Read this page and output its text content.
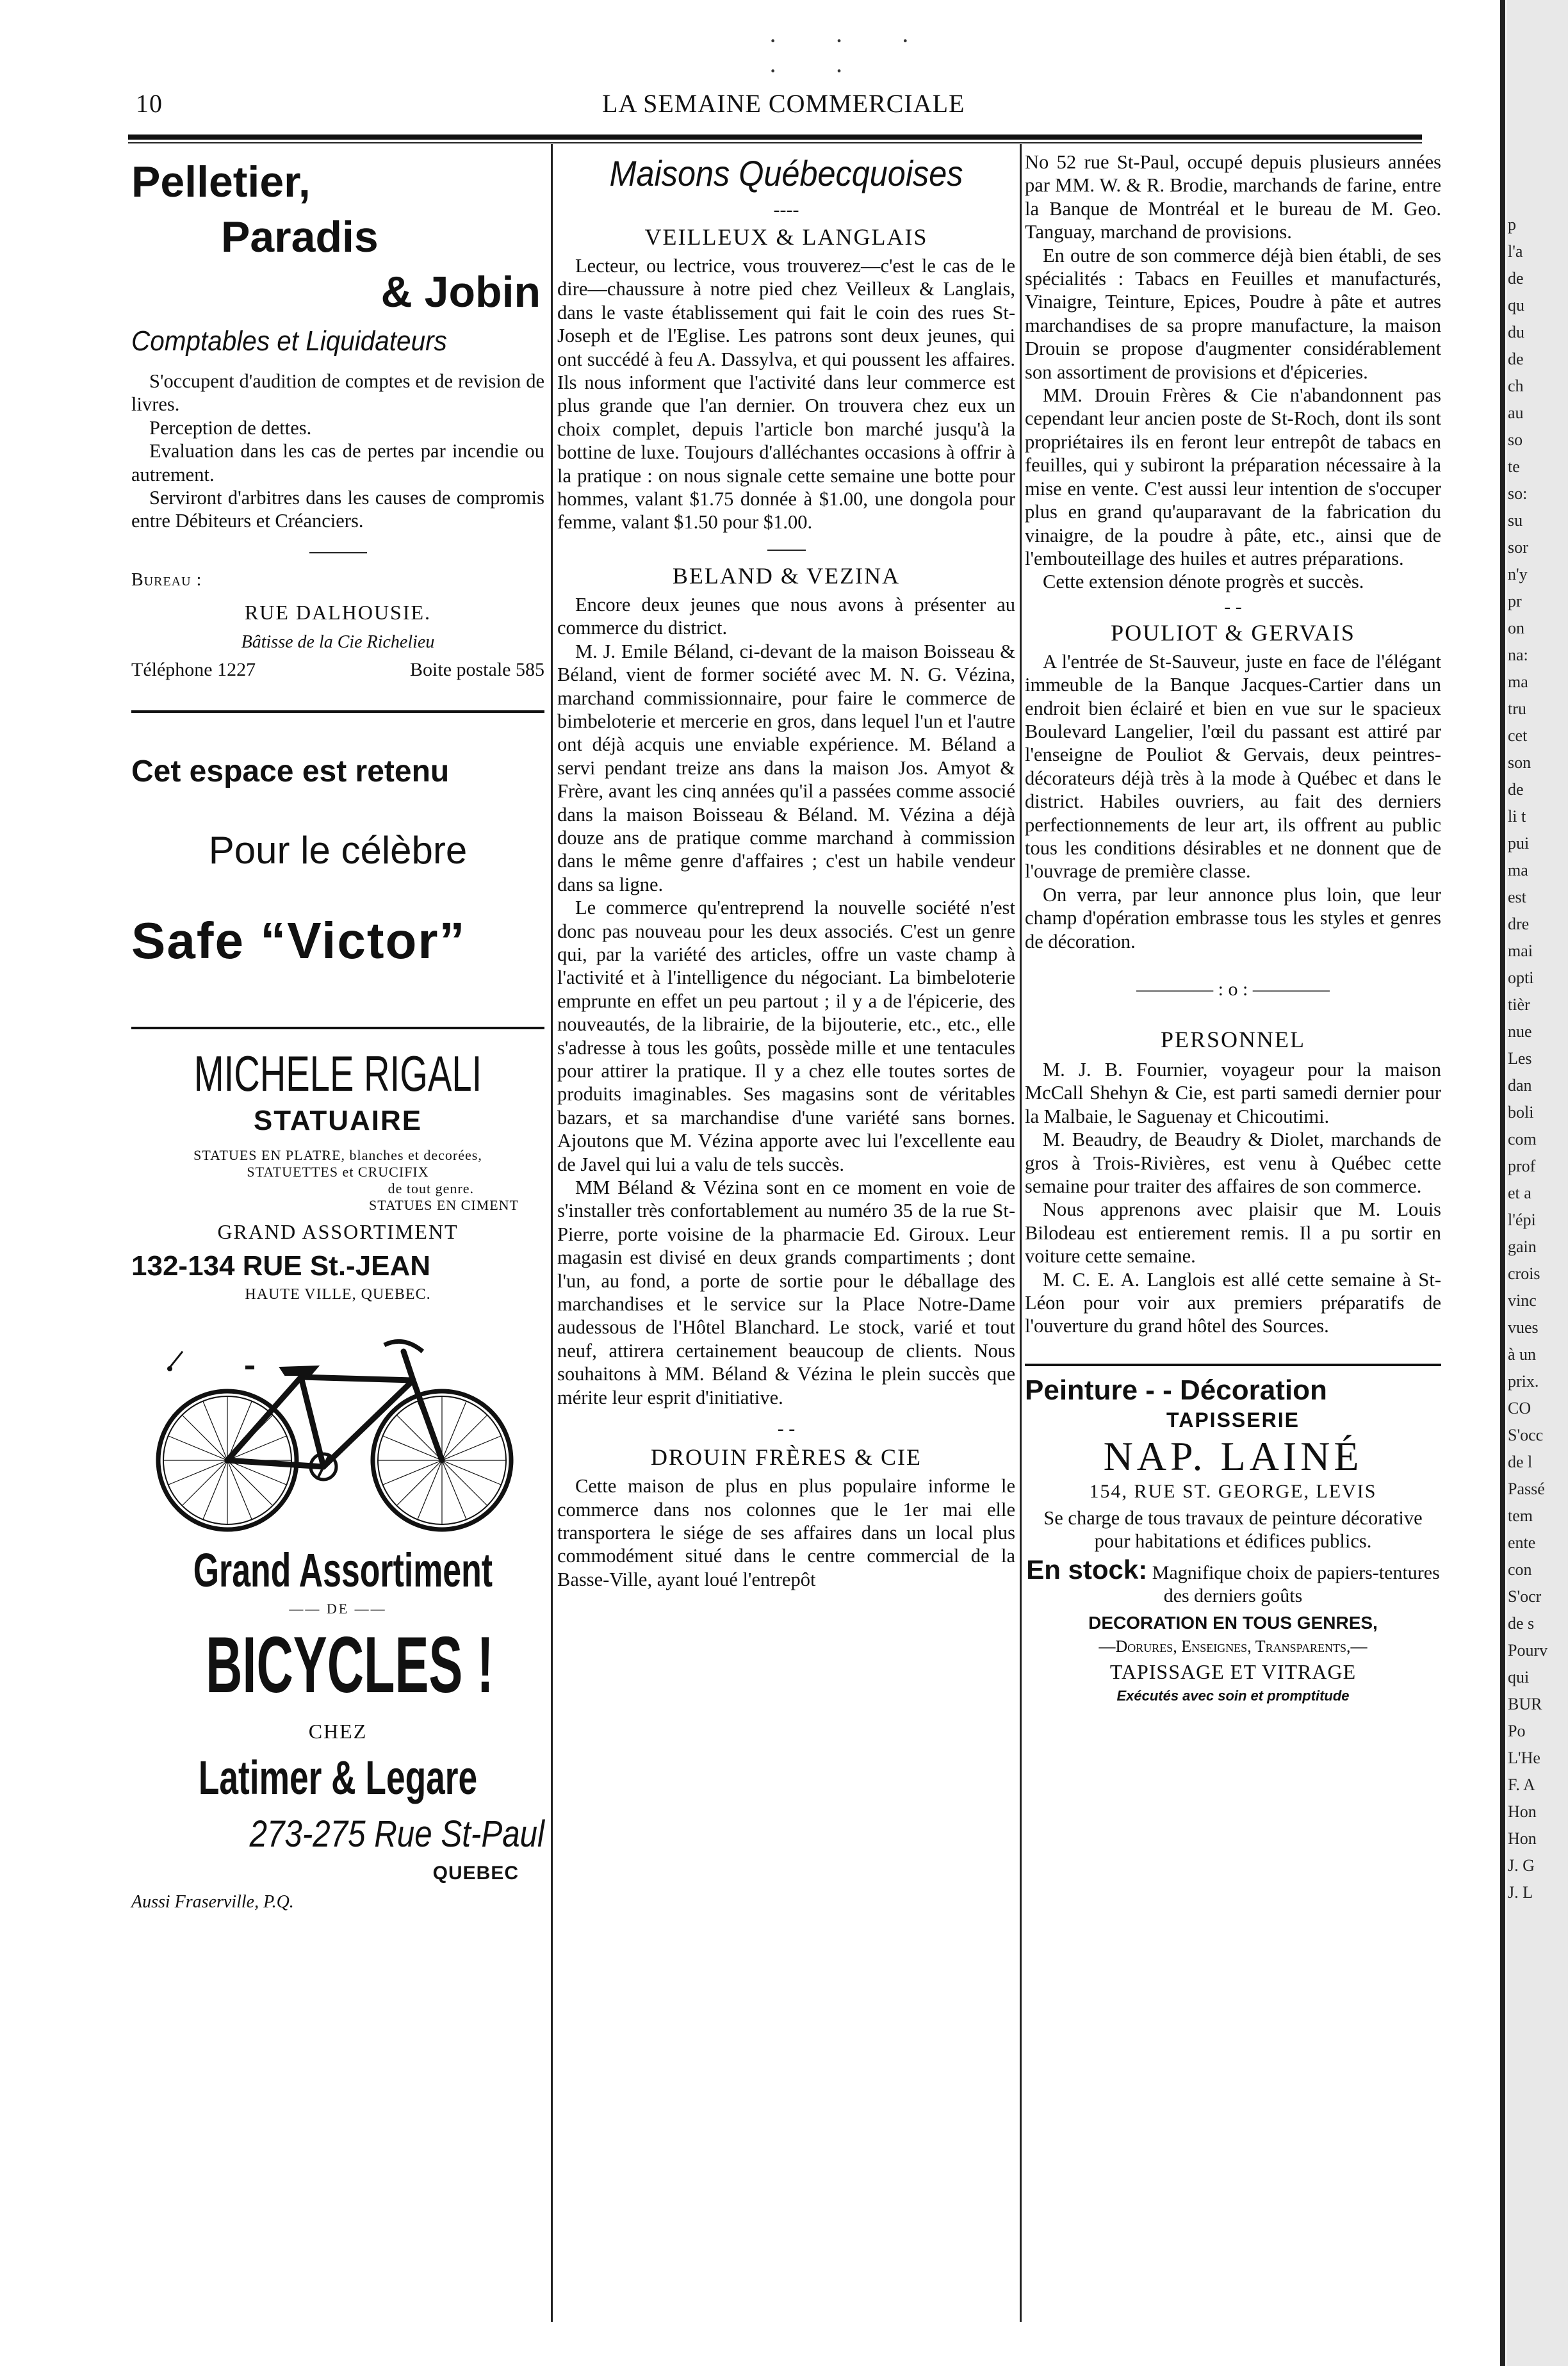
10	LA SEMAINE COMMERCIALE
· · · · ·
Pelletier,
Paradis
& Jobin
Comptables et Liquidateurs

S'occupent d'audition de comptes et de revision de livres.

Perception de dettes.

Evaluation dans les cas de pertes par incendie ou autrement.

Serviront d'arbitres dans les causes de compromis entre Débiteurs et Créanciers.

Bureau :
RUE DALHOUSIE.
Bâtisse de la Cie Richelieu
Téléphone 1227	Boite postale 585
Cet espace est retenu
Pour le célèbre
Safe “Victor”
MICHELE RIGALI
STATUAIRE
STATUES EN PLATRE, blanches et decorées,
STATUETTES et CRUCIFIX
de tout genre.
STATUES EN CIMENT
GRAND ASSORTIMENT
132-134 RUE St.-JEAN
HAUTE VILLE, QUEBEC.
Grand Assortiment
—— DE ——
BICYCLES !
CHEZ
Latimer & Legare
273-275 Rue St-Paul
QUEBEC
Aussi Fraserville, P.Q.
Maisons Québecquoises
----
VEILLEUX & LANGLAIS

Lecteur, ou lectrice, vous trouverez—c'est le cas de le dire—chaussure à notre pied chez Veilleux & Langlais, dans le vaste établissement qui fait le coin des rues St-Joseph et de l'Eglise. Les patrons sont deux jeunes, qui ont succédé à feu A. Dassylva, et qui poussent les affaires. Ils nous informent que l'activité dans leur commerce est plus grande que l'an dernier. On trouvera chez eux un choix complet, depuis l'article bon marché jusqu'à la bottine de luxe. Toujours d'alléchantes occasions à offrir à la pratique : on nous signale cette semaine une botte pour hommes, valant $1.75 donnée à $1.00, une dongola pour femme, valant $1.50 pour $1.00.

BELAND & VEZINA

Encore deux jeunes que nous avons à présenter au commerce du district.

M. J. Emile Béland, ci-devant de la maison Boisseau & Béland, vient de former société avec M. N. G. Vézina, marchand commissionnaire, pour faire le commerce de bimbeloterie et mercerie en gros, dans lequel l'un et l'autre ont déjà acquis une enviable expérience. M. Béland a servi pendant treize ans dans la maison Jos. Amyot & Frère, avant les cinq années qu'il a passées comme associé dans la maison Boisseau & Béland. M. Vézina a déjà douze ans de pratique comme marchand à commission dans le même genre d'affaires ; c'est un habile vendeur dans sa ligne.

Le commerce qu'entreprend la nouvelle société n'est donc pas nouveau pour les deux associés. C'est un genre qui, par la variété des articles, offre un vaste champ à l'activité et à l'intelligence du négociant. La bimbeloterie emprunte en effet un peu partout ; il y a de l'épicerie, des nouveautés, de la librairie, de la bijouterie, etc., etc., elle s'adresse à tous les goûts, possède mille et une tentacules pour attirer la pratique. Il y a chez elle toutes sortes de produits imaginables. Ses magasins sont de véritables bazars, et sa marchandise d'une variété sans bornes. Ajoutons que M. Vézina apporte avec lui l'excellente eau de Javel qui lui a valu de tels succès.

MM Béland & Vézina sont en ce moment en voie de s'installer très confortablement au numéro 35 de la rue St-Pierre, porte voisine de la pharmacie Ed. Giroux. Leur magasin est divisé en deux grands compartiments ; dont l'un, au fond, a porte de sortie pour le déballage des marchandises et le service sur la Place Notre-Dame audessous de l'Hôtel Blanchard. Le stock, varié et tout neuf, attirera certainement beaucoup de clients. Nous souhaitons à MM. Béland & Vézina le plein succès que mérite leur esprit d'initiative.

- -
DROUIN FRÈRES & CIE

Cette maison de plus en plus populaire informe le commerce dans nos colonnes que le 1er mai elle transportera le siége de ses affaires dans un local plus commodément situé dans le centre commercial de la Basse-Ville, ayant loué l'entrepôt

No 52 rue St-Paul, occupé depuis plusieurs années par MM. W. & R. Brodie, marchands de farine, entre la Banque de Montréal et le bureau de M. Geo. Tanguay, marchand de provisions.

En outre de son commerce déjà bien établi, de ses spécialités : Tabacs en Feuilles et manufacturés, Vinaigre, Teinture, Epices, Poudre à pâte et autres marchandises de sa propre manufacture, la maison Drouin se propose d'augmenter considérablement son assortiment de provisions et d'épiceries.

MM. Drouin Frères & Cie n'abandonnent pas cependant leur ancien poste de St-Roch, dont ils sont propriétaires ils en feront leur entrepôt de tabacs en feuilles, qui y subiront la préparation nécessaire à la mise en vente. C'est aussi leur intention de s'occuper plus en grand qu'auparavant de la fabrication du vinaigre, de la poudre à pâte, etc., ainsi que de l'embouteillage des huiles et autres préparations.

Cette extension dénote progrès et succès.

- -
POULIOT & GERVAIS

A l'entrée de St-Sauveur, juste en face de l'élégant immeuble de la Banque Jacques-Cartier dans un endroit bien éclairé et bien en vue sur le spacieux Boulevard Langelier, l'œil du passant est attiré par l'enseigne de Pouliot & Gervais, deux peintres-décorateurs déjà très à la mode à Québec et dans le district. Habiles ouvriers, au fait des derniers perfectionnements de leur art, ils offrent au public tous les conditions désirables et ne donnent que de l'ouvrage de première classe.

On verra, par leur annonce plus loin, que leur champ d'opération embrasse tous les styles et genres de décoration.

———— : o : ————
PERSONNEL

M. J. B. Fournier, voyageur pour la maison McCall Shehyn & Cie, est parti samedi dernier pour la Malbaie, le Saguenay et Chicoutimi.

M. Beaudry, de Beaudry & Diolet, marchands de gros à Trois-Rivières, est venu à Québec cette semaine pour traiter des affaires de son commerce.

Nous apprenons avec plaisir que M. Louis Bilodeau est entierement remis. Il a pu sortir en voiture cette semaine.

M. C. E. A. Langlois est allé cette semaine à St-Léon pour voir aux premiers préparatifs de l'ouverture du grand hôtel des Sources.

Peinture - - Décoration
TAPISSERIE
NAP. LAINÉ
154, RUE ST. GEORGE, LEVIS

Se charge de tous travaux de peinture décorative pour habitations et édifices publics.

En stock: Magnifique choix de papiers-tentures des derniers goûts

DECORATION EN TOUS GENRES,
—Dorures, Enseignes, Transparents,—
TAPISSAGE ET VITRAGE
Exécutés avec soin et promptitude
p
l'a
de
qu
du
de
ch
au
so
te
so:
su
sor
n'y
pr
on
na:
ma
tru
cet
son
de
li t
pui
ma
est
dre
mai
opti
tièr
nue
Les
dan
boli
com
prof
et a
l'épi
gain
crois
vinc
vues
à un
prix.
CO
S'occ
de l
Passé
tem
ente
con
S'ocr
de s
Pourv
qui
BUR
Po
L'He
F. A
Hon
Hon
J. G
J. L
